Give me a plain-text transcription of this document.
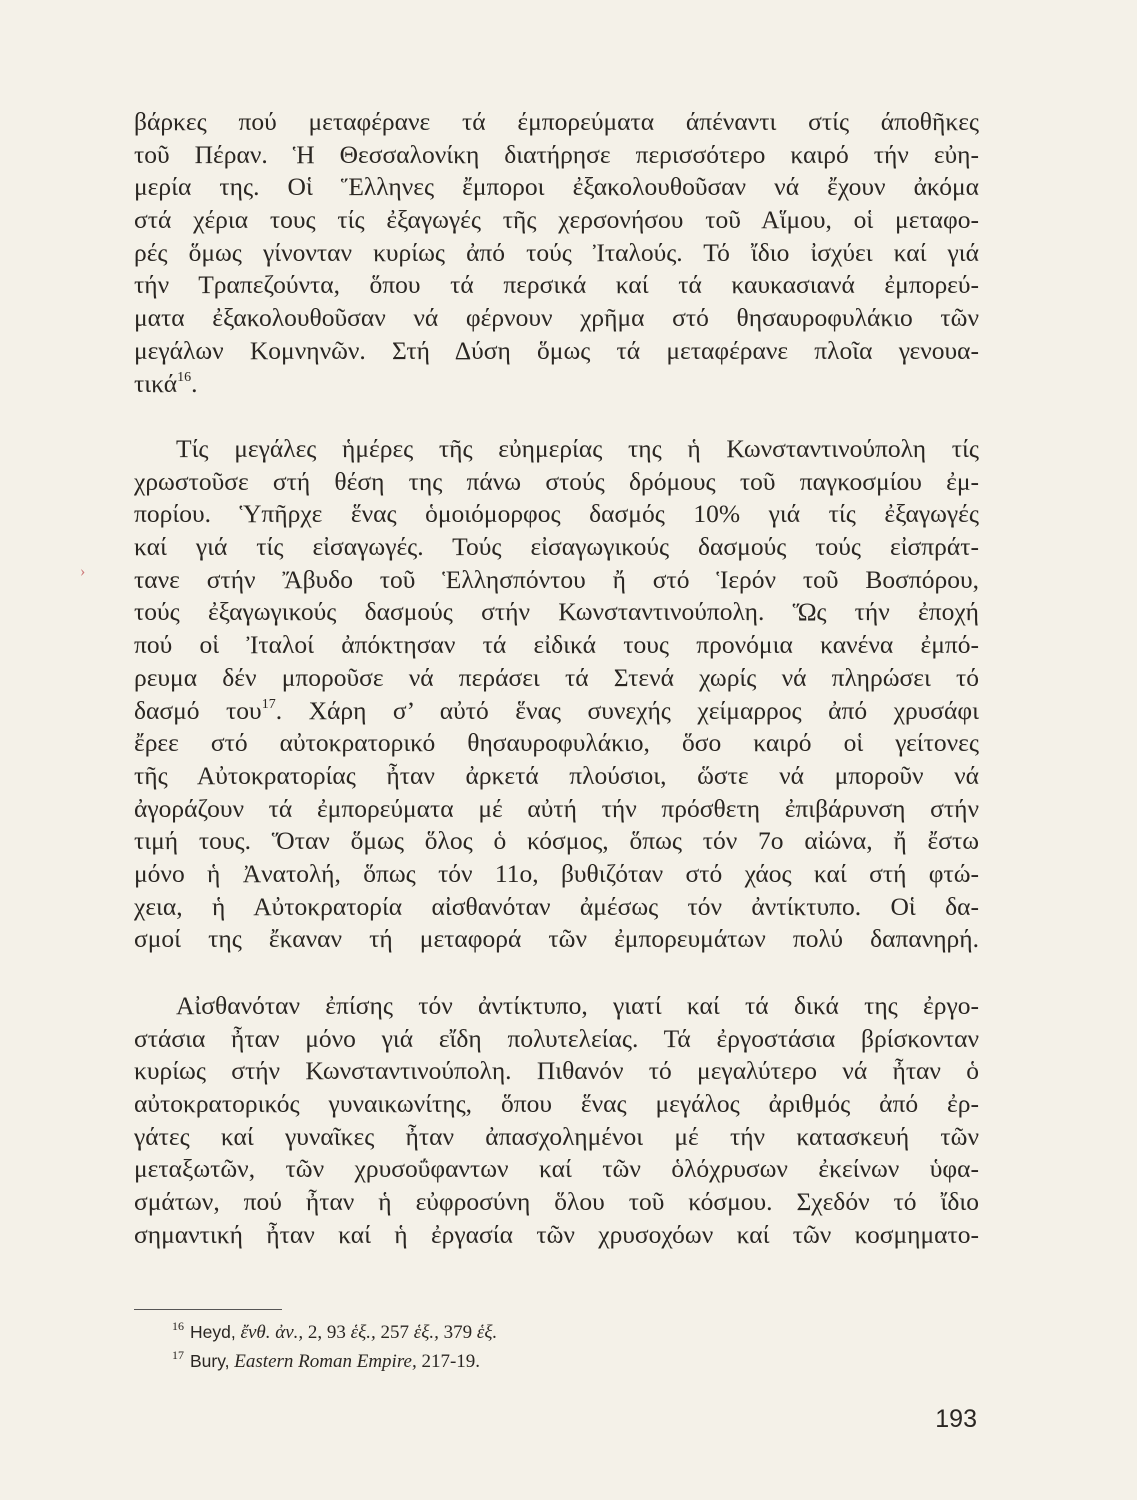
›
βάρκες πού μεταφέρανε τά έμπορεύματα άπέναντι στίς άποθῆκες
τοῦ Πέραν. Ἡ Θεσσαλονίκη διατήρησε περισσότερο καιρό τήν εὐη-
μερία της. Οἱ Ἕλληνες ἔμποροι ἐξακολουθοῦσαν νά ἔχουν ἀκόμα
στά χέρια τους τίς ἐξαγωγές τῆς χερσονήσου τοῦ Αἵμου, οἱ μεταφο-
ρές ὅμως γίνονταν κυρίως ἀπό τούς Ἰταλούς. Τό ἴδιο ἰσχύει καί γιά
τήν Τραπεζούντα, ὅπου τά περσικά καί τά καυκασιανά ἐμπορεύ-
ματα ἐξακολουθοῦσαν νά φέρνουν χρῆμα στό θησαυροφυλάκιο τῶν
μεγάλων Κομνηνῶν. Στή Δύση ὅμως τά μεταφέρανε πλοῖα γενουα-
τικά$^{16}$.
Τίς μεγάλες ἡμέρες τῆς εὐημερίας της ἡ Κωνσταντινούπολη τίς
χρωστοῦσε στή θέση της πάνω στούς δρόμους τοῦ παγκοσμίου ἐμ-
πορίου. Ὑπῆρχε ἕνας ὁμοιόμορφος δασμός 10% γιά τίς ἐξαγωγές
καί γιά τίς εἰσαγωγές. Τούς εἰσαγωγικούς δασμούς τούς εἰσπράτ-
τανε στήν Ἄβυδο τοῦ Ἑλλησπόντου ἤ στό Ἱερόν τοῦ Βοσπόρου,
τούς ἐξαγωγικούς δασμούς στήν Κωνσταντινούπολη. Ὥς τήν ἐποχή
πού οἱ Ἰταλοί ἀπόκτησαν τά εἰδικά τους προνόμια κανένα ἐμπό-
ρευμα δέν μποροῦσε νά περάσει τά Στενά χωρίς νά πληρώσει τό
δασμό του$^{17}$. Χάρη σ’ αὐτό ἕνας συνεχής χείμαρρος ἀπό χρυσάφι
ἔρεε στό αὐτοκρατορικό θησαυροφυλάκιο, ὅσο καιρό οἱ γείτονες
τῆς Αὐτοκρατορίας ἦταν ἀρκετά πλούσιοι, ὥστε νά μποροῦν νά
ἀγοράζουν τά ἐμπορεύματα μέ αὐτή τήν πρόσθετη ἐπιβάρυνση στήν
τιμή τους. Ὅταν ὅμως ὅλος ὁ κόσμος, ὅπως τόν 7ο αἰώνα, ἤ ἔστω
μόνο ἡ Ἀνατολή, ὅπως τόν 11ο, βυθιζόταν στό χάος καί στή φτώ-
χεια, ἡ Αὐτοκρατορία αἰσθανόταν ἀμέσως τόν ἀντίκτυπο. Οἱ δα-
σμοί της ἔκαναν τή μεταφορά τῶν ἐμπορευμάτων πολύ δαπανηρή.
Αἰσθανόταν ἐπίσης τόν ἀντίκτυπο, γιατί καί τά δικά της ἐργο-
στάσια ἦταν μόνο γιά εἴδη πολυτελείας. Τά ἐργοστάσια βρίσκονταν
κυρίως στήν Κωνσταντινούπολη. Πιθανόν τό μεγαλύτερο νά ἦταν ὁ
αὐτοκρατορικός γυναικωνίτης, ὅπου ἕνας μεγάλος ἀριθμός ἀπό ἐρ-
γάτες καί γυναῖκες ἦταν ἀπασχολημένοι μέ τήν κατασκευή τῶν
μεταξωτῶν, τῶν χρυσοΰφαντων καί τῶν ὁλόχρυσων ἐκείνων ὑφα-
σμάτων, πού ἦταν ἡ εὐφροσύνη ὅλου τοῦ κόσμου. Σχεδόν τό ἴδιο
σημαντική ἦταν καί ἡ ἐργασία τῶν χρυσοχόων καί τῶν κοσμηματο-
$^{16}$ Heyd, ἔνθ. ἀν., 2, 93 ἑξ., 257 ἑξ., 379 ἑξ.
$^{17}$ Bury, Eastern Roman Empire, 217-19.
193
